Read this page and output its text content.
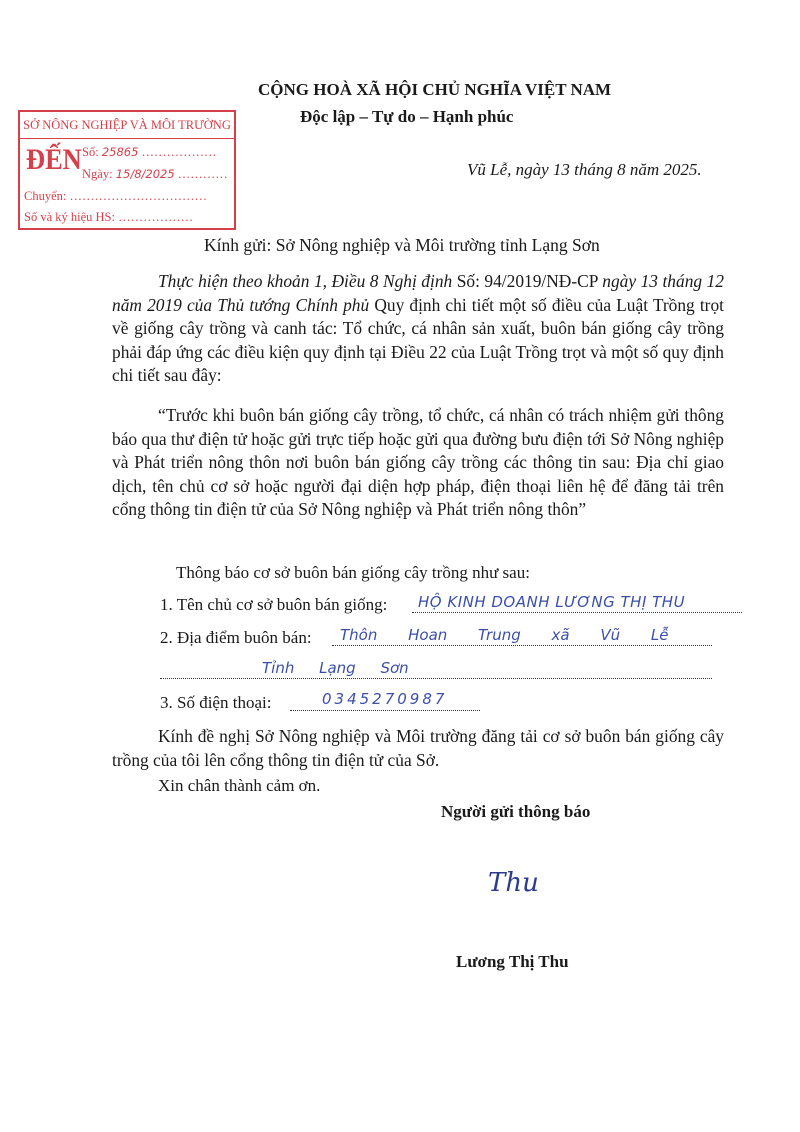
CỘNG HOÀ XÃ HỘI CHỦ NGHĨA VIỆT NAM
Độc lập – Tự do – Hạnh phúc
SỞ NÔNG NGHIỆP VÀ MÔI TRƯỜNG
ĐẾN Số: 25865 ………………
Ngày: 15/8/2025 …………
Chuyển: ……………………………
Số và ký hiệu HS: ………………
Vũ Lễ, ngày 13 tháng 8 năm 2025.
Kính gửi: Sở Nông nghiệp và Môi trường tỉnh Lạng Sơn
Thực hiện theo khoản 1, Điều 8 Nghị định Số: 94/2019/NĐ-CP ngày 13 tháng 12 năm 2019 của Thủ tướng Chính phủ Quy định chi tiết một số điều của Luật Trồng trọt về giống cây trồng và canh tác: Tổ chức, cá nhân sản xuất, buôn bán giống cây trồng phải đáp ứng các điều kiện quy định tại Điều 22 của Luật Trồng trọt và một số quy định chi tiết sau đây:
“Trước khi buôn bán giống cây trồng, tổ chức, cá nhân có trách nhiệm gửi thông báo qua thư điện tử hoặc gửi trực tiếp hoặc gửi qua đường bưu điện tới Sở Nông nghiệp và Phát triển nông thôn nơi buôn bán giống cây trồng các thông tin sau: Địa chỉ giao dịch, tên chủ cơ sở hoặc người đại diện hợp pháp, điện thoại liên hệ để đăng tải trên cổng thông tin điện tử của Sở Nông nghiệp và Phát triển nông thôn”
Thông báo cơ sở buôn bán giống cây trồng như sau:
1. Tên chủ cơ sở buôn bán giống: HỘ KINH DOANH LƯƠNG THỊ THU
2. Địa điểm buôn bán: Thôn Hoan Trung xã Vũ Lễ
Tỉnh Lạng Sơn
3. Số điện thoại:	0345270987
Kính đề nghị Sở Nông nghiệp và Môi trường đăng tải cơ sở buôn bán giống cây trồng của tôi lên cổng thông tin điện tử của Sở.
Xin chân thành cảm ơn.
Người gửi thông báo
Thu
Lương Thị Thu
